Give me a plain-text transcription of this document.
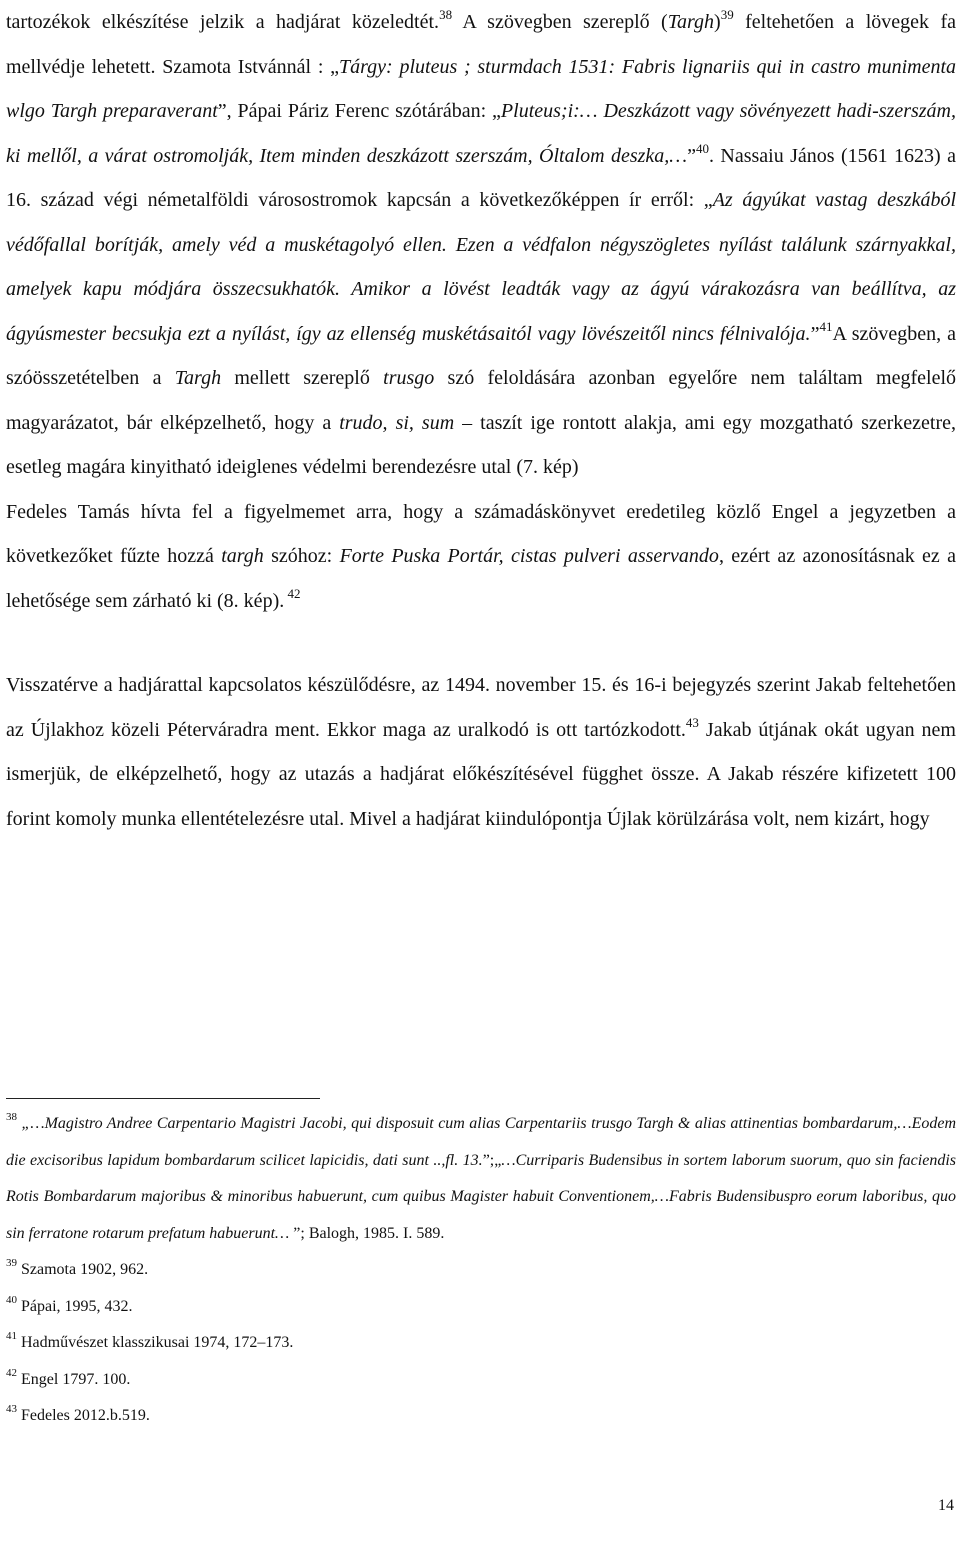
tartozékok elkészítése jelzik a hadjárat közeledtét.$^{38}$ A szövegben szereplő (Targh)$^{39}$ feltehetően a lövegek fa mellvédje lehetett. Szamota Istvánnál : „Tárgy: pluteus ; sturmdach 1531: Fabris lignariis qui in castro munimenta wlgo Targh preparaverant”, Pápai Páriz Ferenc szótárában: „Pluteus;i:… Deszkázott vagy sövényezett hadi-szerszám, ki mellől, a várat ostromolják, Item minden deszkázott szerszám, Óltalom deszka,…”$^{40}$. Nassaiu János (1561 1623) a 16. század végi németalföldi városostromok kapcsán a következőképpen ír erről: „Az ágyúkat vastag deszkából védőfallal borítják, amely véd a muskétagolyó ellen. Ezen a védfalon négyszögletes nyílást találunk szárnyakkal, amelyek kapu módjára összecsukhatók. Amikor a lövést leadták vagy az ágyú várakozásra van beállítva, az ágyúsmester becsukja ezt a nyílást, így az ellenség muskétásaitól vagy lövészeitől nincs félnivalója.”$^{41}$A szövegben, a szóösszetételben a Targh mellett szereplő trusgo szó feloldására azonban egyelőre nem találtam megfelelő magyarázatot, bár elképzelhető, hogy a trudo, si, sum – taszít ige rontott alakja, ami egy mozgatható szerkezetre, esetleg magára kinyitható ideiglenes védelmi berendezésre utal (7. kép)

Fedeles Tamás hívta fel a figyelmemet arra, hogy a számadáskönyvet eredetileg közlő Engel a jegyzetben a következőket fűzte hozzá targh szóhoz: Forte Puska Portár, cistas pulveri asservando, ezért az azonosításnak ez a lehetősége sem zárható ki (8. kép). $^{42}$

Visszatérve a hadjárattal kapcsolatos készülődésre, az 1494. november 15. és 16-i bejegyzés szerint Jakab feltehetően az Újlakhoz közeli Péterváradra ment. Ekkor maga az uralkodó is ott tartózkodott.$^{43}$ Jakab útjának okát ugyan nem ismerjük, de elképzelhető, hogy az utazás a hadjárat előkészítésével függhet össze. A Jakab részére kifizetett 100 forint komoly munka ellentételezésre utal. Mivel a hadjárat kiindulópontja Újlak körülzárása volt, nem kizárt, hogy

$^{38}$ „…Magistro Andree Carpentario Magistri Jacobi, qui disposuit cum alias Carpentariis trusgo Targh & alias attinentias bombardarum,…Eodem die excisoribus lapidum bombardarum scilicet lapicidis, dati sunt ..,fl. 13.”;„…Curriparis Budensibus in sortem laborum suorum, quo sin faciendis Rotis Bombardarum majoribus & minoribus habuerunt, cum quibus Magister habuit Conventionem,…Fabris Budensibuspro eorum laboribus, quo sin ferratone rotarum prefatum habuerunt… ”; Balogh, 1985. I. 589.

$^{39}$ Szamota 1902, 962.

$^{40}$ Pápai, 1995, 432.

$^{41}$ Hadművészet klasszikusai 1974, 172–173.

$^{42}$ Engel 1797. 100.

$^{43}$ Fedeles 2012.b.519.

14
